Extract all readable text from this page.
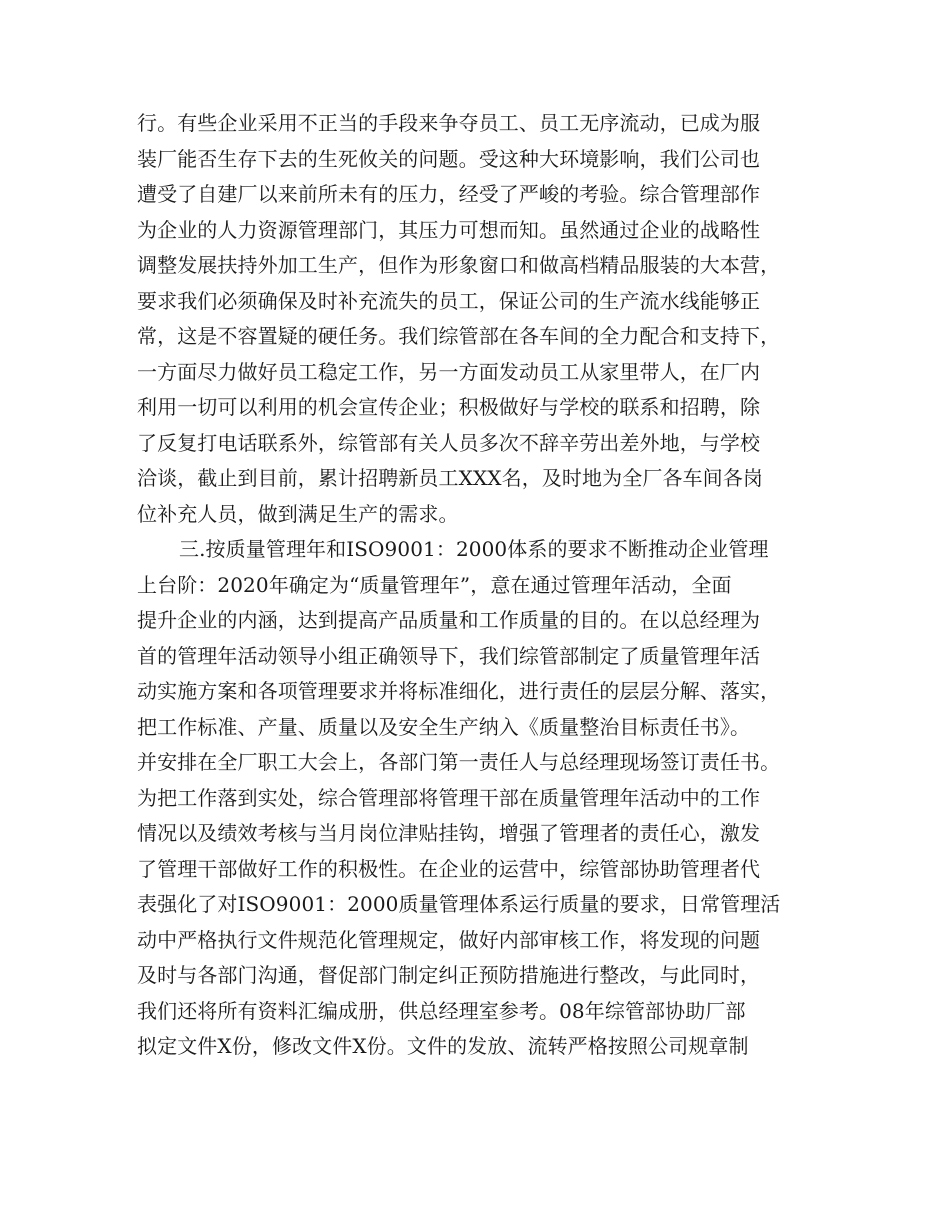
行。有些企业采用不正当的手段来争夺员工、员工无序流动，已成为服
装厂能否生存下去的生死攸关的问题。受这种大环境影响，我们公司也
遭受了自建厂以来前所未有的压力，经受了严峻的考验。综合管理部作
为企业的人力资源管理部门，其压力可想而知。虽然通过企业的战略性
调整发展扶持外加工生产，但作为形象窗口和做高档精品服装的大本营，
要求我们必须确保及时补充流失的员工，保证公司的生产流水线能够正
常，这是不容置疑的硬任务。我们综管部在各车间的全力配合和支持下，
一方面尽力做好员工稳定工作，另一方面发动员工从家里带人，在厂内
利用一切可以利用的机会宣传企业；积极做好与学校的联系和招聘，除
了反复打电话联系外，综管部有关人员多次不辞辛劳出差外地，与学校
洽谈，截止到目前，累计招聘新员工XXX名，及时地为全厂各车间各岗
位补充人员，做到满足生产的需求。
三.按质量管理年和ISO9001：2000体系的要求不断推动企业管理
上台阶：2020年确定为“质量管理年”，意在通过管理年活动，全面
提升企业的内涵，达到提高产品质量和工作质量的目的。在以总经理为
首的管理年活动领导小组正确领导下，我们综管部制定了质量管理年活
动实施方案和各项管理要求并将标准细化，进行责任的层层分解、落实，
把工作标准、产量、质量以及安全生产纳入《质量整治目标责任书》。
并安排在全厂职工大会上，各部门第一责任人与总经理现场签订责任书。
为把工作落到实处，综合管理部将管理干部在质量管理年活动中的工作
情况以及绩效考核与当月岗位津贴挂钩，增强了管理者的责任心，激发
了管理干部做好工作的积极性。在企业的运营中，综管部协助管理者代
表强化了对ISO9001：2000质量管理体系运行质量的要求，日常管理活
动中严格执行文件规范化管理规定，做好内部审核工作，将发现的问题
及时与各部门沟通，督促部门制定纠正预防措施进行整改，与此同时，
我们还将所有资料汇编成册，供总经理室参考。08年综管部协助厂部
拟定文件X份，修改文件X份。文件的发放、流转严格按照公司规章制
